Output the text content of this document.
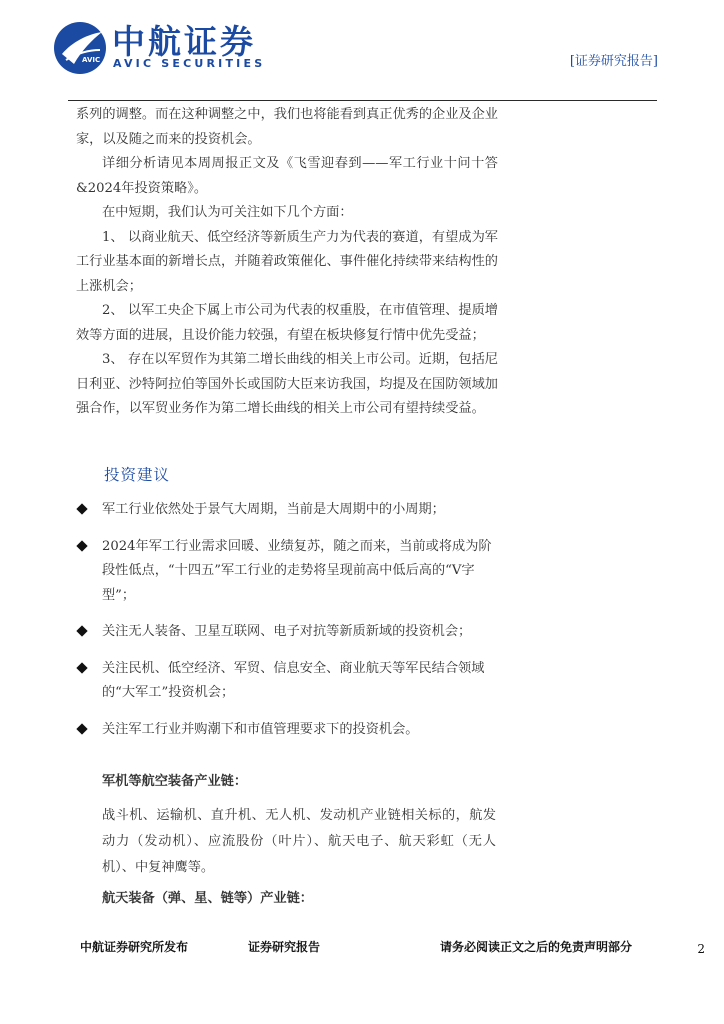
AVIC 中航证券
AVIC SECURITIES	[证券研究报告]

系列的调整。而在这种调整之中，我们也将能看到真正优秀的企业及企业家，以及随之而来的投资机会。

详细分析请见本周周报正文及《飞雪迎春到——军工行业十问十答&2024年投资策略》。

在中短期，我们认为可关注如下几个方面：

1、 以商业航天、低空经济等新质生产力为代表的赛道，有望成为军工行业基本面的新增长点，并随着政策催化、事件催化持续带来结构性的上涨机会；

2、 以军工央企下属上市公司为代表的权重股，在市值管理、提质增效等方面的进展，且设价能力较强，有望在板块修复行情中优先受益；

3、 存在以军贸作为其第二增长曲线的相关上市公司。近期，包括尼日利亚、沙特阿拉伯等国外长或国防大臣来访我国，均提及在国防领域加强合作，以军贸业务作为第二增长曲线的相关上市公司有望持续受益。

投资建议
军工行业依然处于景气大周期，当前是大周期中的小周期；
2024年军工行业需求回暖、业绩复苏，随之而来，当前或将成为阶段性低点，“十四五”军工行业的走势将呈现前高中低后高的“V字型”；
关注无人装备、卫星互联网、电子对抗等新质新域的投资机会；
关注民机、低空经济、军贸、信息安全、商业航天等军民结合领域的“大军工”投资机会；
关注军工行业并购潮下和市值管理要求下的投资机会。
军机等航空装备产业链：
战斗机、运输机、直升机、无人机、发动机产业链相关标的，航发动力（发动机）、应流股份（叶片）、航天电子、航天彩虹（无人机）、中复神鹰等。
航天装备（弹、星、链等）产业链：
中航证券研究所发布	证券研究报告	请务必阅读正文之后的免责声明部分	2
